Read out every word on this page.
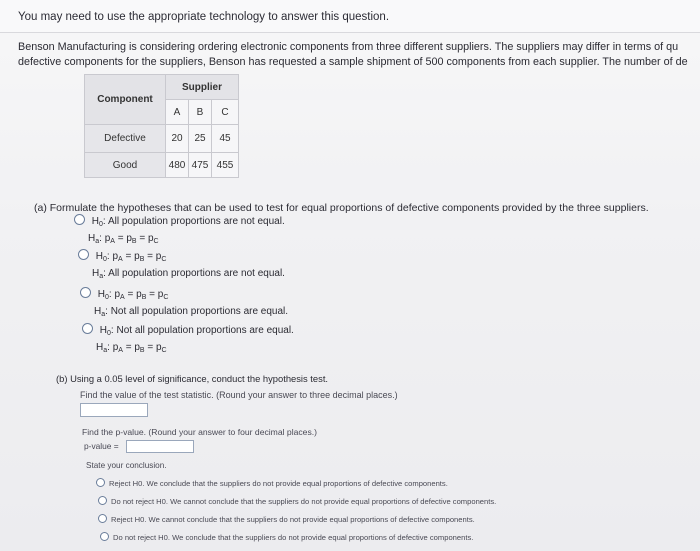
You may need to use the appropriate technology to answer this question.
Benson Manufacturing is considering ordering electronic components from three different suppliers. The suppliers may differ in terms of qu
defective components for the suppliers, Benson has requested a sample shipment of 500 components from each supplier. The number of de
Component	Supplier		
	A	B	C
Defective	20	25	45
Good	480	475	455
(a) Formulate the hypotheses that can be used to test for equal proportions of defective components provided by the three suppliers.
$H_0$: All population proportions are not equal.
$H_a$: $p_A = p_B = p_C$
$H_0$: $p_A = p_B = p_C$
$H_a$: All population proportions are not equal.
$H_0$: $p_A = p_B = p_C$
$H_a$: Not all population proportions are equal.
$H_0$: Not all population proportions are equal.
$H_a$: $p_A = p_B = p_C$
(b) Using a 0.05 level of significance, conduct the hypothesis test.
Find the value of the test statistic. (Round your answer to three decimal places.)
Find the p-value. (Round your answer to four decimal places.)
p-value =
State your conclusion.
Reject H0. We conclude that the suppliers do not provide equal proportions of defective components.
Do not reject H0. We cannot conclude that the suppliers do not provide equal proportions of defective components.
Reject H0. We cannot conclude that the suppliers do not provide equal proportions of defective components.
Do not reject H0. We conclude that the suppliers do not provide equal proportions of defective components.
